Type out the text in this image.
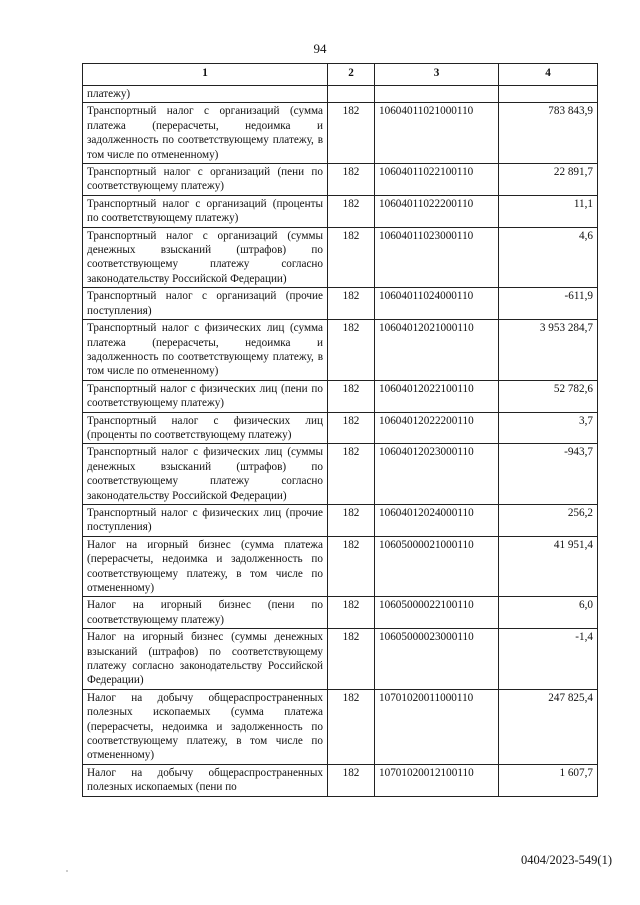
94
1	2	3	4
платежу)			
Транспортный налог с организаций (сумма платежа (перерасчеты, недоимка и задолженность по соответствующему платежу, в том числе по отмененному)	182	10604011021000110	783 843,9
Транспортный налог с организаций (пени по соответствующему платежу)	182	10604011022100110	22 891,7
Транспортный налог с организаций (проценты по соответствующему платежу)	182	10604011022200110	11,1
Транспортный налог с организаций (суммы денежных взысканий (штрафов) по соответствующему платежу согласно законодательству Российской Федерации)	182	10604011023000110	4,6
Транспортный налог с организаций (прочие поступления)	182	10604011024000110	-611,9
Транспортный налог с физических лиц (сумма платежа (перерасчеты, недоимка и задолженность по соответствующему платежу, в том числе по отмененному)	182	10604012021000110	3 953 284,7
Транспортный налог с физических лиц (пени по соответствующему платежу)	182	10604012022100110	52 782,6
Транспортный налог с физических лиц (проценты по соответствующему платежу)	182	10604012022200110	3,7
Транспортный налог с физических лиц (суммы денежных взысканий (штрафов) по соответствующему платежу согласно законодательству Российской Федерации)	182	10604012023000110	-943,7
Транспортный налог с физических лиц (прочие поступления)	182	10604012024000110	256,2
Налог на игорный бизнес (сумма платежа (перерасчеты, недоимка и задолженность по соответствующему платежу, в том числе по отмененному)	182	10605000021000110	41 951,4
Налог на игорный бизнес (пени по соответствующему платежу)	182	10605000022100110	6,0
Налог на игорный бизнес (суммы денежных взысканий (штрафов) по соответствующему платежу согласно законодательству Российской Федерации)	182	10605000023000110	-1,4
Налог на добычу общераспространенных полезных ископаемых (сумма платежа (перерасчеты, недоимка и задолженность по соответствующему платежу, в том числе по отмененному)	182	10701020011000110	247 825,4
Налог на добычу общераспространенных полезных ископаемых (пени по	182	10701020012100110	1 607,7
0404/2023-549(1)
